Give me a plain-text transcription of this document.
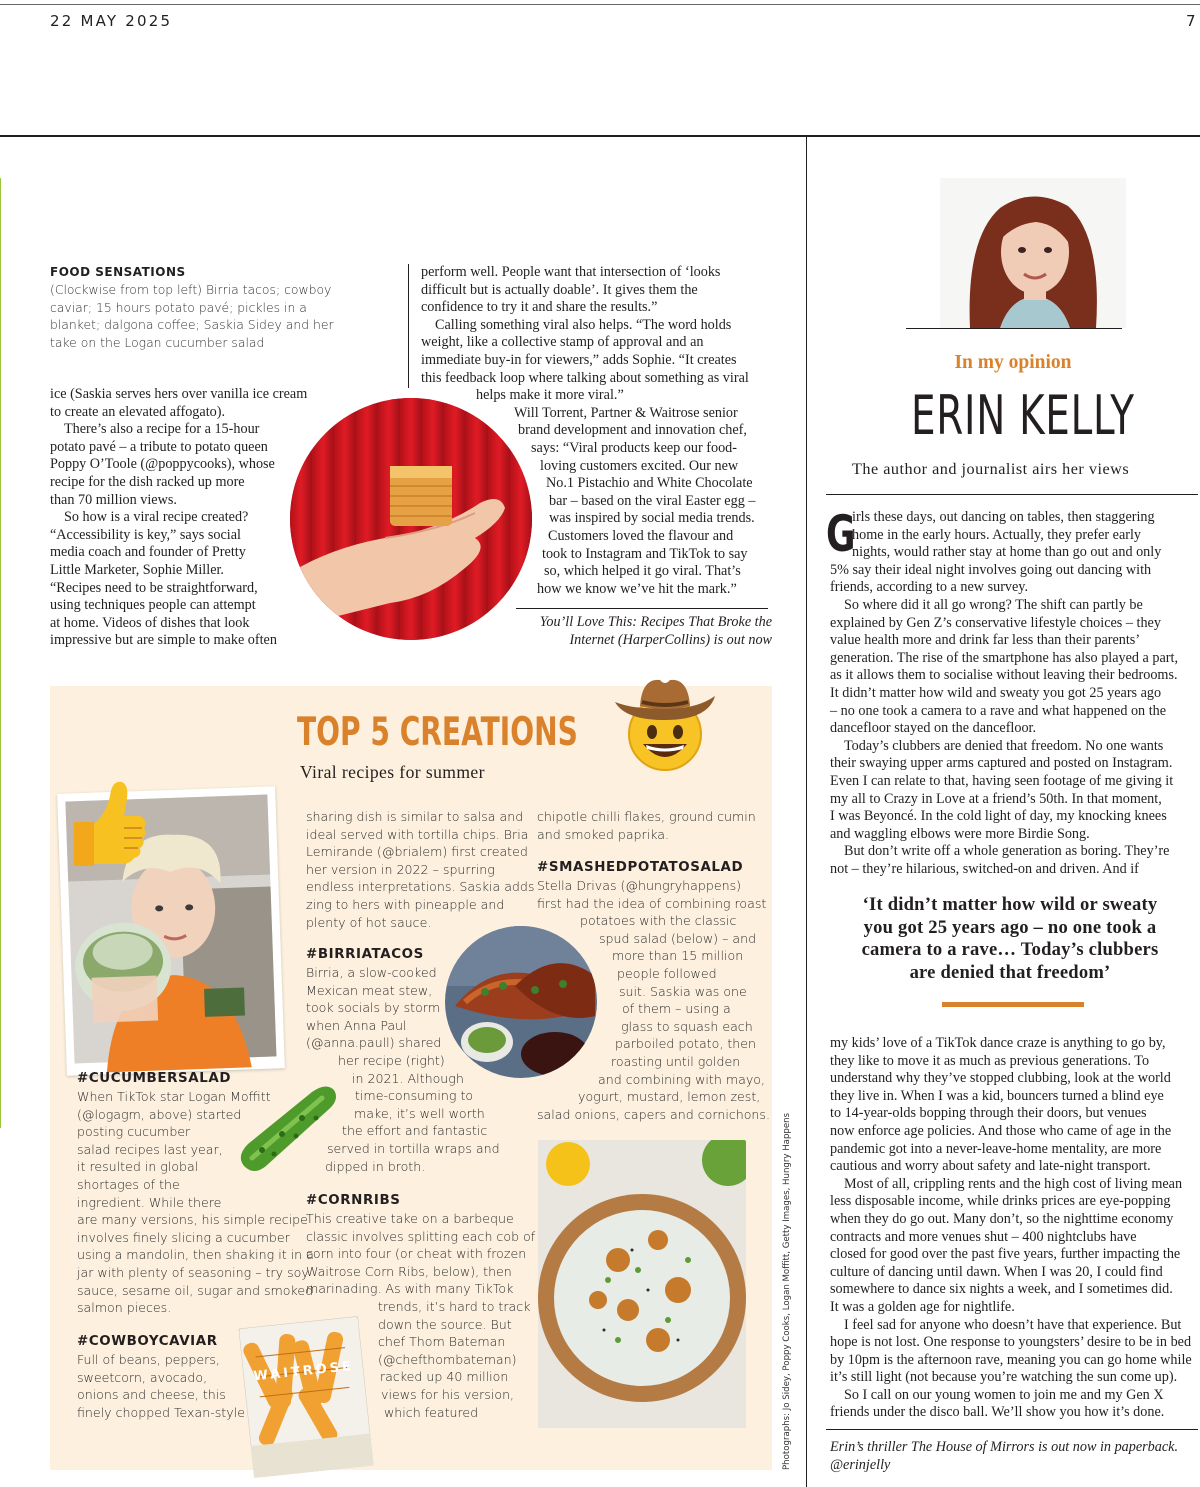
22 MAY 2025	7
FOOD SENSATIONS
(Clockwise from top left) Birria tacos; cowboy
caviar; 15 hours potato pavé; pickles in a
blanket; dalgona coffee; Saskia Sidey and her
take on the Logan cucumber salad
ice (Saskia serves hers over vanilla ice cream
to create an elevated affogato).
There’s also a recipe for a 15-hour
potato pavé – a tribute to potato queen
Poppy O’Toole (@poppycooks), whose
recipe for the dish racked up more
than 70 million views.
So how is a viral recipe created?
“Accessibility is key,” says social
media coach and founder of Pretty
Little Marketer, Sophie Miller.
“Recipes need to be straightforward,
using techniques people can attempt
at home. Videos of dishes that look
impressive but are simple to make often
perform well. People want that intersection of ‘looks
difficult but is actually doable’. It gives them the
confidence to try it and share the results.”
Calling something viral also helps. “The word holds
weight, like a collective stamp of approval and an
immediate buy-in for viewers,” adds Sophie. “It creates
this feedback loop where talking about something as viral
helps make it more viral.”
Will Torrent, Partner & Waitrose senior
brand development and innovation chef,
says: “Viral products keep our food-
loving customers excited. Our new
No.1 Pistachio and White Chocolate
bar – based on the viral Easter egg –
was inspired by social media trends.
Customers loved the flavour and
took to Instagram and TikTok to say
so, which helped it go viral. That’s
how we know we’ve hit the mark.”
You’ll Love This: Recipes That Broke the
Internet (HarperCollins) is out now
TOP 5 CREATIONS
Viral recipes for summer
#CUCUMBERSALAD
When TikTok star Logan Moffitt
(@logagm, above) started
posting cucumber
salad recipes last year,
it resulted in global
shortages of the
ingredient. While there
are many versions, his simple recipe
involves finely slicing a cucumber
using a mandolin, then shaking it in a
jar with plenty of seasoning – try soy
sauce, sesame oil, sugar and smoked
salmon pieces.
#COWBOYCAVIAR
Full of beans, peppers,
sweetcorn, avocado,
onions and cheese, this
finely chopped Texan-style
WAITROSE
sharing dish is similar to salsa and
ideal served with tortilla chips. Bria
Lemirande (@brialem) first created
her version in 2022 – spurring
endless interpretations. Saskia adds
zing to hers with pineapple and
plenty of hot sauce.
#BIRRIATACOS
Birria, a slow-cooked
Mexican meat stew,
took socials by storm
when Anna Paul
(@anna.paull) shared
her recipe (right)
in 2021. Although
time-consuming to
make, it’s well worth
the effort and fantastic
served in tortilla wraps and
dipped in broth.
#CORNRIBS
This creative take on a barbeque
classic involves splitting each cob of
corn into four (or cheat with frozen
Waitrose Corn Ribs, below), then
marinading. As with many TikTok
trends, it’s hard to track
down the source. But
chef Thom Bateman
(@chefthombateman)
racked up 40 million
views for his version,
which featured
chipotle chilli flakes, ground cumin
and smoked paprika.
#SMASHEDPOTATOSALAD
Stella Drivas (@hungryhappens)
first had the idea of combining roast
potatoes with the classic
spud salad (below) – and
more than 15 million
people followed
suit. Saskia was one
of them – using a
glass to squash each
parboiled potato, then
roasting until golden
and combining with mayo,
yogurt, mustard, lemon zest,
salad onions, capers and cornichons. Photographs: Jo Sidey, Poppy Cooks, Logan Moffitt, Getty Images, Hungry Happens
In my opinion
ERIN KELLY
The author and journalist airs her views
G
irls these days, out dancing on tables, then staggering
home in the early hours. Actually, they prefer early
nights, would rather stay at home than go out and only
5% say their ideal night involves going out dancing with
friends, according to a new survey.
So where did it all go wrong? The shift can partly be
explained by Gen Z’s conservative lifestyle choices – they
value health more and drink far less than their parents’
generation. The rise of the smartphone has also played a part,
as it allows them to socialise without leaving their bedrooms.
It didn’t matter how wild and sweaty you got 25 years ago
– no one took a camera to a rave and what happened on the
dancefloor stayed on the dancefloor.
Today’s clubbers are denied that freedom. No one wants
their swaying upper arms captured and posted on Instagram.
Even I can relate to that, having seen footage of me giving it
my all to Crazy in Love at a friend’s 50th. In that moment,
I was Beyoncé. In the cold light of day, my knocking knees
and waggling elbows were more Birdie Song.
But don’t write off a whole generation as boring. They’re
not – they’re hilarious, switched-on and driven. And if
‘It didn’t matter how wild or sweaty
you got 25 years ago – no one took a
camera to a rave… Today’s clubbers
are denied that freedom’
my kids’ love of a TikTok dance craze is anything to go by,
they like to move it as much as previous generations. To
understand why they’ve stopped clubbing, look at the world
they live in. When I was a kid, bouncers turned a blind eye
to 14-year-olds bopping through their doors, but venues
now enforce age policies. And those who came of age in the
pandemic got into a never-leave-home mentality, are more
cautious and worry about safety and late-night transport.
Most of all, crippling rents and the high cost of living mean
less disposable income, while drinks prices are eye-popping
when they do go out. Many don’t, so the nighttime economy
contracts and more venues shut – 400 nightclubs have
closed for good over the past five years, further impacting the
culture of dancing until dawn. When I was 20, I could find
somewhere to dance six nights a week, and I sometimes did.
It was a golden age for nightlife.
I feel sad for anyone who doesn’t have that experience. But
hope is not lost. One response to youngsters’ desire to be in bed
by 10pm is the afternoon rave, meaning you can go home while
it’s still light (not because you’re watching the sun come up).
So I call on our young women to join me and my Gen X
friends under the disco ball. We’ll show you how it’s done.
Erin’s thriller The House of Mirrors is out now in paperback.
@erinjelly
